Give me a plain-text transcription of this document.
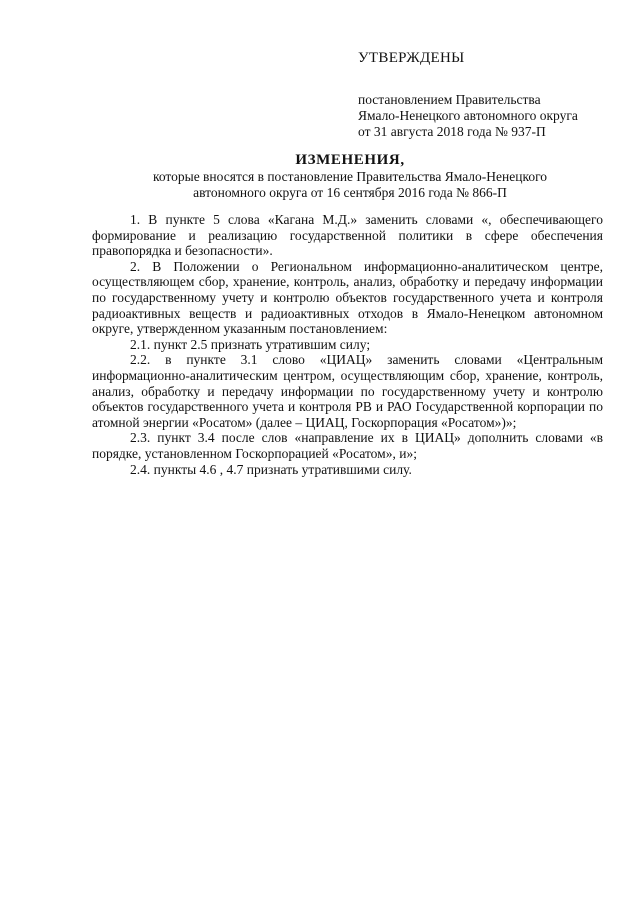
УТВЕРЖДЕНЫ
постановлением Правительства
Ямало-Ненецкого автономного округа
от 31 августа 2018 года № 937-П
ИЗМЕНЕНИЯ,
которые вносятся в постановление Правительства Ямало-Ненецкого
автономного округа от 16 сентября 2016 года № 866-П

1. В пункте 5 слова «Кагана М.Д.» заменить словами «, обеспечивающего формирование и реализацию государственной политики в сфере обеспечения правопорядка и безопасности».

2. В Положении о Региональном информационно-аналитическом центре, осуществляющем сбор, хранение, контроль, анализ, обработку и передачу информации по государственному учету и контролю объектов государственного учета и контроля радиоактивных веществ и радиоактивных отходов в Ямало-Ненецком автономном округе, утвержденном указанным постановлением:

2.1. пункт 2.5 признать утратившим силу;

2.2. в пункте 3.1 слово «ЦИАЦ» заменить словами «Центральным информационно-аналитическим центром, осуществляющим сбор, хранение, контроль, анализ, обработку и передачу информации по государственному учету и контролю объектов государственного учета и контроля РВ и РАО Государственной корпорации по атомной энергии «Росатом» (далее – ЦИАЦ, Госкорпорация «Росатом»)»;

2.3. пункт 3.4 после слов «направление их в ЦИАЦ» дополнить словами «в порядке, установленном Госкорпорацией «Росатом», и»;

2.4. пункты 4.6 , 4.7 признать утратившими силу.
